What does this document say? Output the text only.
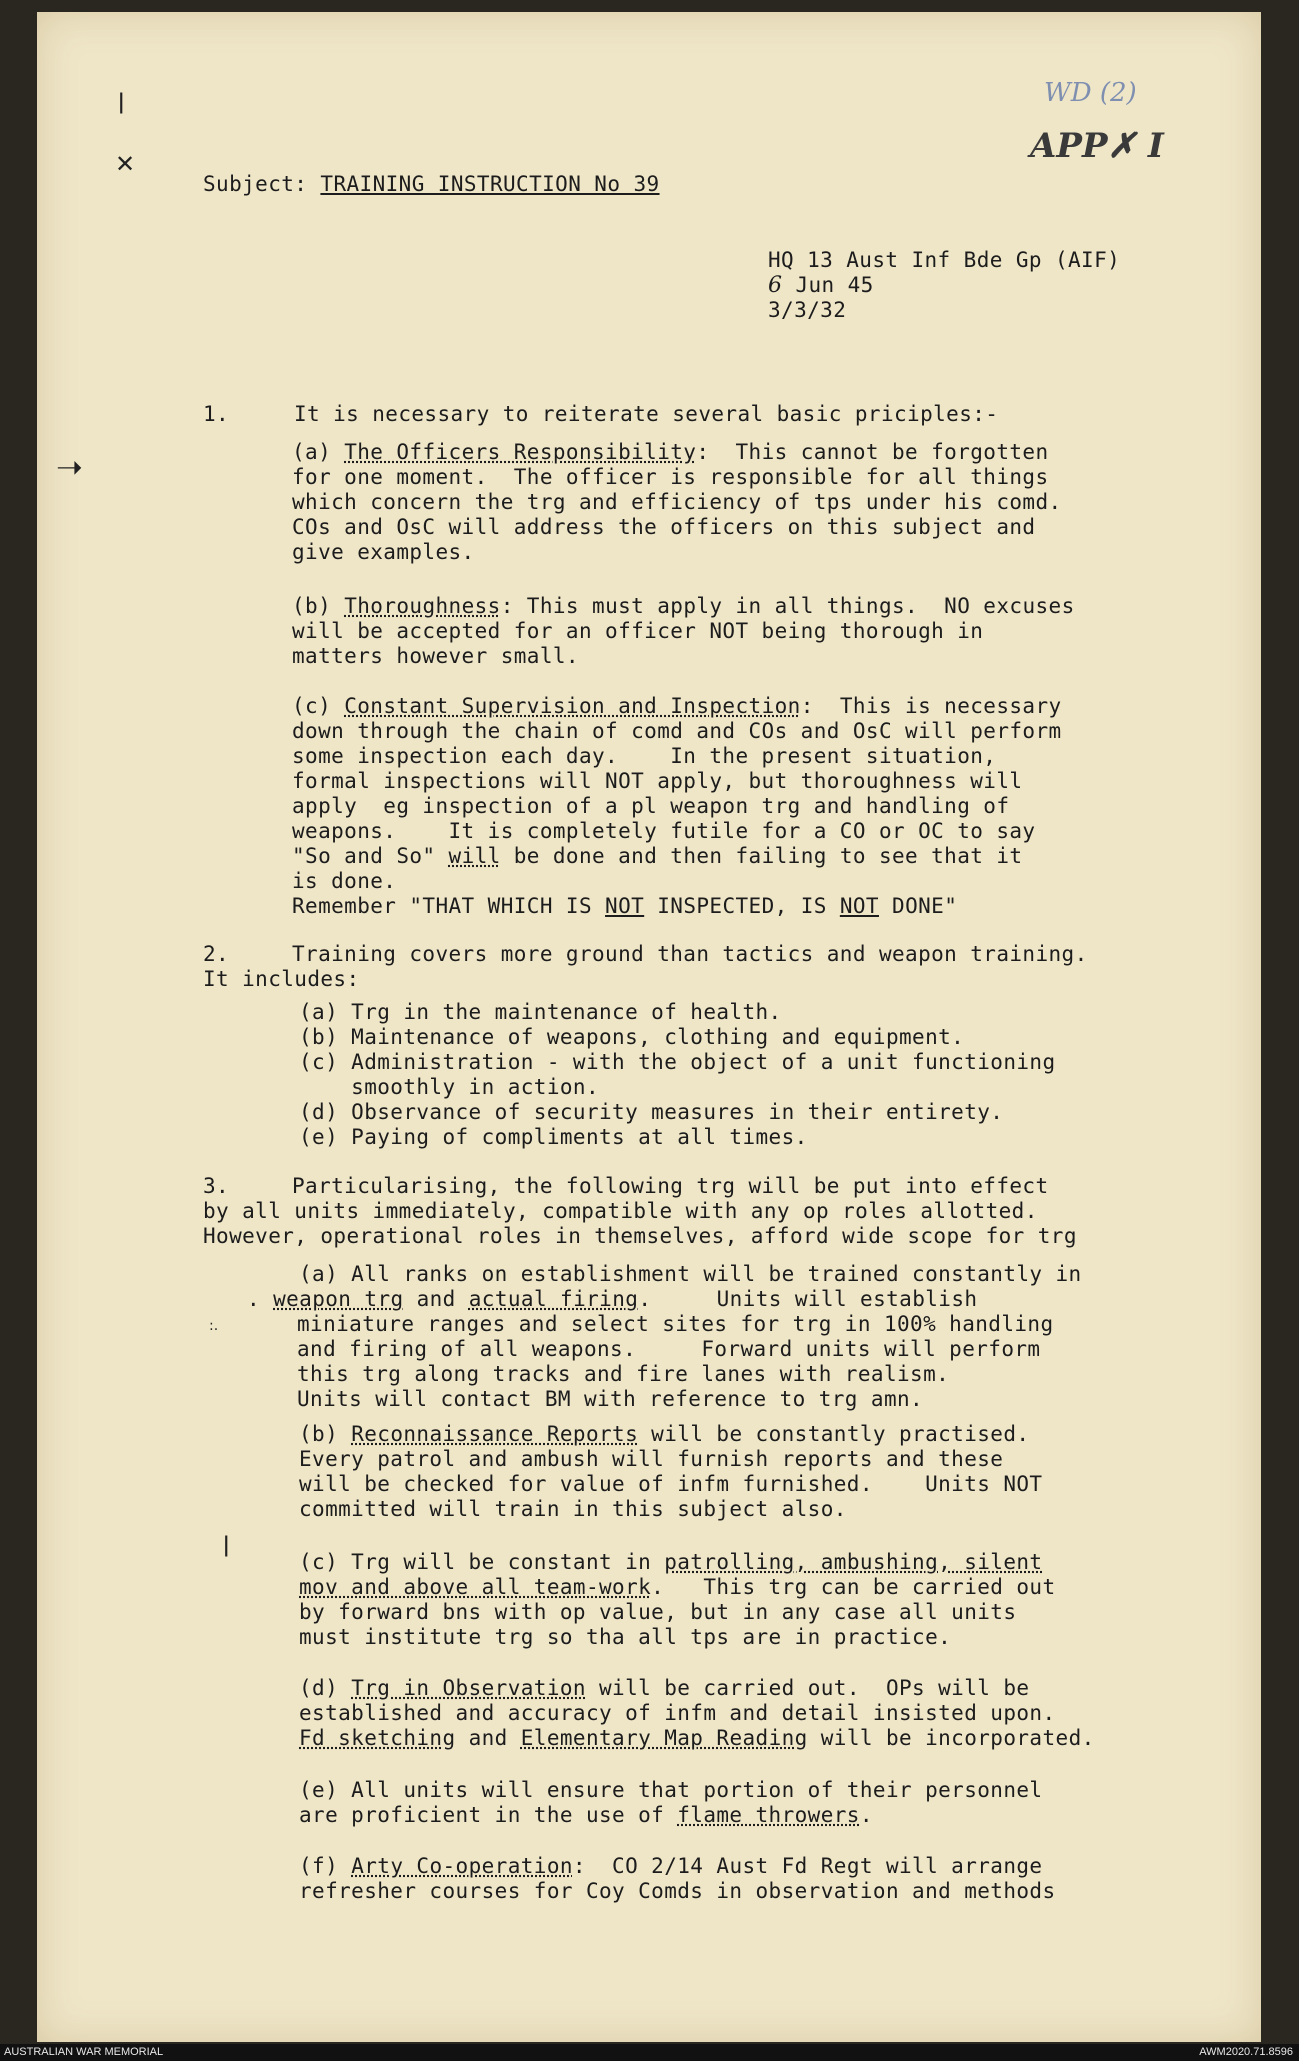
WD (2)
APP✗ I
ǀ
✕
➝
:.
ǀ
Subject: TRAINING INSTRUCTION No 39
HQ 13 Aust Inf Bde Gp (AIF)
6 Jun 45
3/3/32
1.	It is necessary to reiterate several basic priciples:-
(a) The Officers Responsibility:  This cannot be forgotten
for one moment.  The officer is responsible for all things
which concern the trg and efficiency of tps under his comd.
COs and OsC will address the officers on this subject and
give examples.
(b) Thoroughness: This must apply in all things.  NO excuses
will be accepted for an officer NOT being thorough in
matters however small.
(c) Constant Supervision and Inspection:  This is necessary
down through the chain of comd and COs and OsC will perform
some inspection each day.    In the present situation,
formal inspections will NOT apply, but thoroughness will
apply  eg inspection of a pl weapon trg and handling of
weapons.    It is completely futile for a CO or OC to say
"So and So" will be done and then failing to see that it
is done.
Remember "THAT WHICH IS NOT INSPECTED, IS NOT DONE"
2.	Training covers more ground than tactics and weapon training.
It includes:
(a) Trg in the maintenance of health.
(b) Maintenance of weapons, clothing and equipment.
(c) Administration - with the object of a unit functioning
smoothly in action.
(d) Observance of security measures in their entirety.
(e) Paying of compliments at all times.
3.	Particularising, the following trg will be put into effect
by all units immediately, compatible with any op roles allotted.
However, operational roles in themselves, afford wide scope for trg
(a) All ranks on establishment will be trained constantly in
. weapon trg and actual firing.     Units will establish
miniature ranges and select sites for trg in 100% handling
and firing of all weapons.     Forward units will perform
this trg along tracks and fire lanes with realism.
Units will contact BM with reference to trg amn.
(b) Reconnaissance Reports will be constantly practised.
Every patrol and ambush will furnish reports and these
will be checked for value of infm furnished.    Units NOT
committed will train in this subject also.
(c) Trg will be constant in patrolling, ambushing, silent
mov and above all team-work.   This trg can be carried out
by forward bns with op value, but in any case all units
must institute trg so tha all tps are in practice.
(d) Trg in Observation will be carried out.  OPs will be
established and accuracy of infm and detail insisted upon.
Fd sketching and Elementary Map Reading will be incorporated.
(e) All units will ensure that portion of their personnel
are proficient in the use of flame throwers.
(f) Arty Co-operation:  CO 2/14 Aust Fd Regt will arrange
refresher courses for Coy Comds in observation and methods
AUSTRALIAN WAR MEMORIAL	AWM2020.71.8596
